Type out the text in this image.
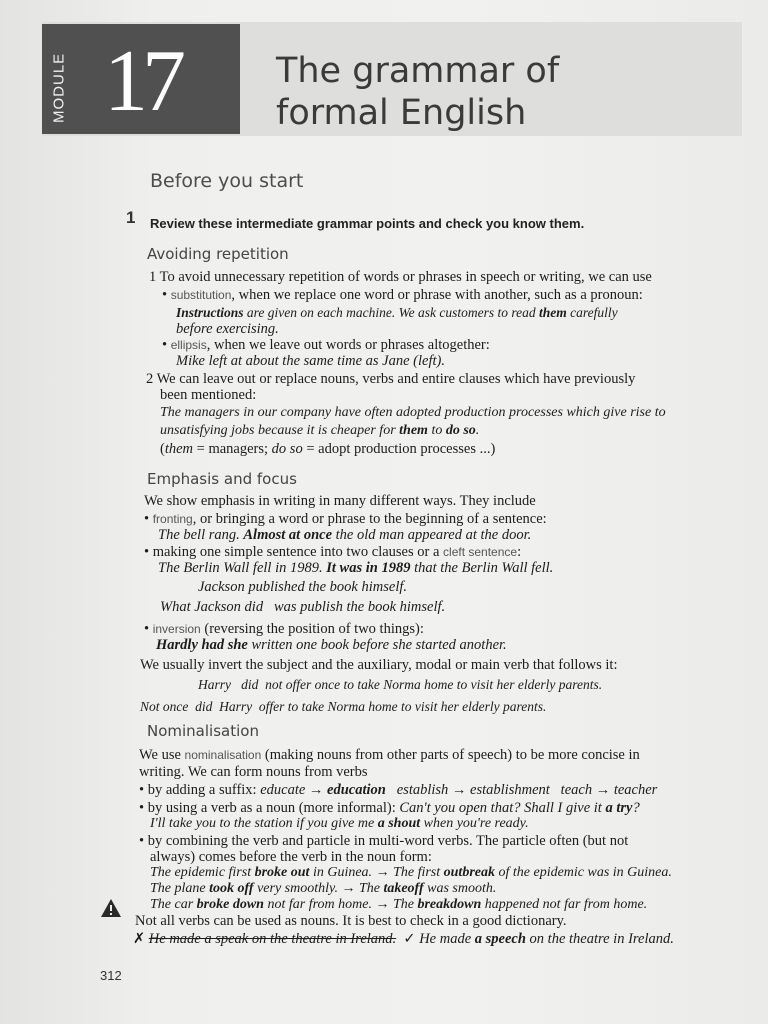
MODULE 17	The grammar of
formal English
Before you start
1 Review these intermediate grammar points and check you know them.
Avoiding repetition
1 To avoid unnecessary repetition of words or phrases in speech or writing, we can use
• substitution, when we replace one word or phrase with another, such as a pronoun:
Instructions are given on each machine. We ask customers to read them carefully
before exercising.
• ellipsis, when we leave out words or phrases altogether:
Mike left at about the same time as Jane (left).
2 We can leave out or replace nouns, verbs and entire clauses which have previously
been mentioned:
The managers in our company have often adopted production processes which give rise to
unsatisfying jobs because it is cheaper for them to do so.
(them = managers; do so = adopt production processes ...)
Emphasis and focus
We show emphasis in writing in many different ways. They include
• fronting, or bringing a word or phrase to the beginning of a sentence:
The bell rang. Almost at once the old man appeared at the door.
• making one simple sentence into two clauses or a cleft sentence:
The Berlin Wall fell in 1989. It was in 1989 that the Berlin Wall fell.
Jackson published the book himself.
What Jackson did was publish the book himself.
• inversion (reversing the position of two things):
Hardly had she written one book before she started another.
We usually invert the subject and the auxiliary, modal or main verb that follows it:
Harry did not offer once to take Norma home to visit her elderly parents.
Not once did Harry offer to take Norma home to visit her elderly parents.
Nominalisation
We use nominalisation (making nouns from other parts of speech) to be more concise in
writing. We can form nouns from verbs
• by adding a suffix: educate → education establish → establishment teach → teacher
• by using a verb as a noun (more informal): Can't you open that? Shall I give it a try?
I'll take you to the station if you give me a shout when you're ready.
• by combining the verb and particle in multi-word verbs. The particle often (but not
always) comes before the verb in the noun form:
The epidemic first broke out in Guinea. → The first outbreak of the epidemic was in Guinea.
The plane took off very smoothly. → The takeoff was smooth.
The car broke down not far from home. → The breakdown happened not far from home.
Not all verbs can be used as nouns. It is best to check in a good dictionary.
✗ He made a speak on the theatre in Ireland. ✓ He made a speech on the theatre in Ireland.
312
